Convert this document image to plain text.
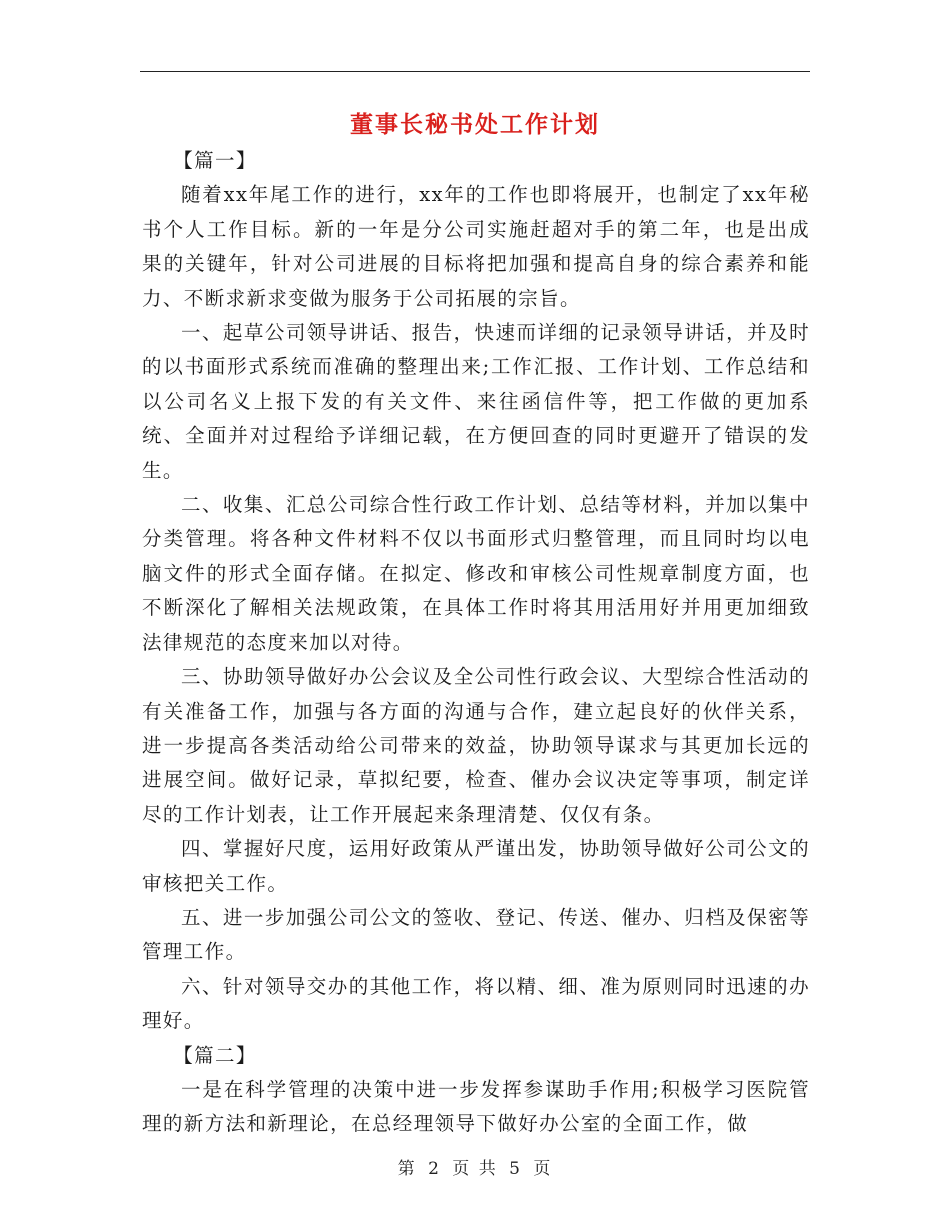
董事长秘书处工作计划

【篇一】

随着xx年尾工作的进行，xx年的工作也即将展开，也制定了xx年秘书个人工作目标。新的一年是分公司实施赶超对手的第二年，也是出成果的关键年，针对公司进展的目标将把加强和提高自身的综合素养和能力、不断求新求变做为服务于公司拓展的宗旨。

一、起草公司领导讲话、报告，快速而详细的记录领导讲话，并及时的以书面形式系统而准确的整理出来;工作汇报、工作计划、工作总结和以公司名义上报下发的有关文件、来往函信件等，把工作做的更加系统、全面并对过程给予详细记载，在方便回查的同时更避开了错误的发生。

二、收集、汇总公司综合性行政工作计划、总结等材料，并加以集中分类管理。将各种文件材料不仅以书面形式归整管理，而且同时均以电脑文件的形式全面存储。在拟定、修改和审核公司性规章制度方面，也不断深化了解相关法规政策，在具体工作时将其用活用好并用更加细致法律规范的态度来加以对待。

三、协助领导做好办公会议及全公司性行政会议、大型综合性活动的有关准备工作，加强与各方面的沟通与合作，建立起良好的伙伴关系，进一步提高各类活动给公司带来的效益，协助领导谋求与其更加长远的进展空间。做好记录，草拟纪要，检查、催办会议决定等事项，制定详尽的工作计划表，让工作开展起来条理清楚、仅仅有条。

四、掌握好尺度，运用好政策从严谨出发，协助领导做好公司公文的审核把关工作。

五、进一步加强公司公文的签收、登记、传送、催办、归档及保密等管理工作。

六、针对领导交办的其他工作，将以精、细、准为原则同时迅速的办理好。

【篇二】

一是在科学管理的决策中进一步发挥参谋助手作用;积极学习医院管理的新方法和新理论，在总经理领导下做好办公室的全面工作，做

第 2 页 共 5 页
